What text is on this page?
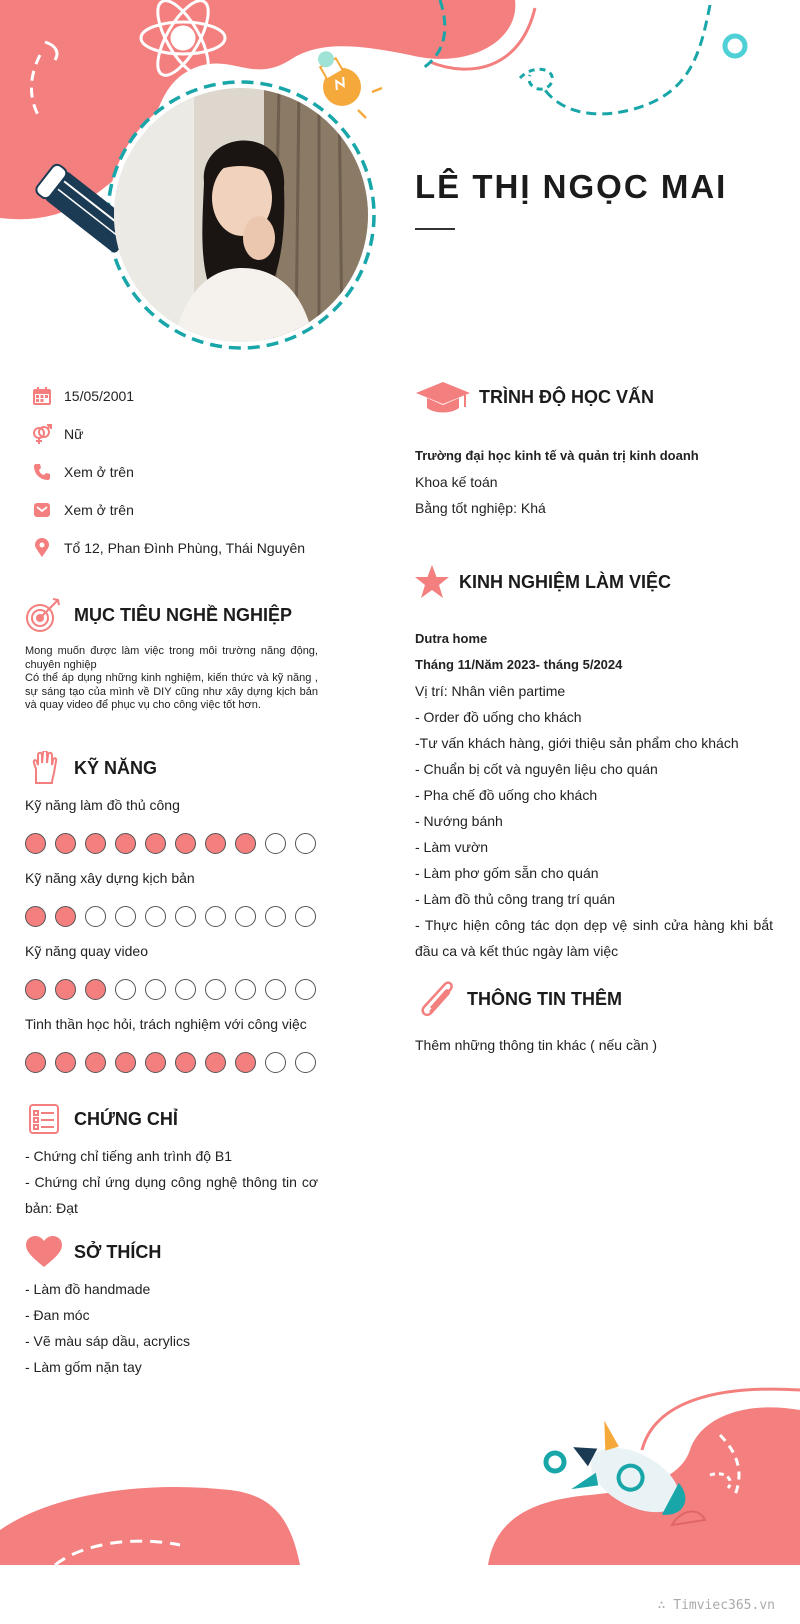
LÊ THỊ NGỌC MAI
15/05/2001
Nữ
Xem ở trên
Xem ở trên
Tổ 12, Phan Đình Phùng, Thái Nguyên
MỤC TIÊU NGHỀ NGHIỆP
Mong muốn được làm việc trong môi trường năng động, chuyên nghiệp
Có thể áp dụng những kinh nghiệm, kiến thức và kỹ năng , sự sáng tạo của mình về DIY cũng như xây dựng kịch bản và quay video để phục vụ cho công việc tốt hơn.
KỸ NĂNG
Kỹ năng làm đồ thủ công
Kỹ năng xây dựng kịch bản
Kỹ năng quay video
Tinh thần học hỏi, trách nghiệm với công việc
CHỨNG CHỈ
- Chứng chỉ tiếng anh trình độ B1
- Chứng chỉ ứng dụng công nghệ thông tin cơ
bản: Đạt
SỞ THÍCH
- Làm đồ handmade
- Đan móc
- Vẽ màu sáp dầu, acrylics
- Làm gốm nặn tay
TRÌNH ĐỘ HỌC VẤN
Trường đại học kinh tế và quản trị kinh doanh
Khoa kế toán
Bằng tốt nghiệp: Khá
KINH NGHIỆM LÀM VIỆC
Dutra home
Tháng 11/Năm 2023- tháng 5/2024
Vị trí: Nhân viên partime
- Order đồ uống cho khách
-Tư vấn khách hàng, giới thiệu sản phẩm cho khách
- Chuẩn bị cốt và nguyên liệu cho quán
- Pha chế đồ uống cho khách
- Nướng bánh
- Làm vườn
- Làm phơ gốm sẵn cho quán
- Làm đồ thủ công trang trí quán
- Thực hiện công tác dọn dẹp vệ sinh cửa hàng khi bắt
đầu ca và kết thúc ngày làm việc
THÔNG TIN THÊM
Thêm những thông tin khác ( nếu cần )
∴ Timviec365.vn
